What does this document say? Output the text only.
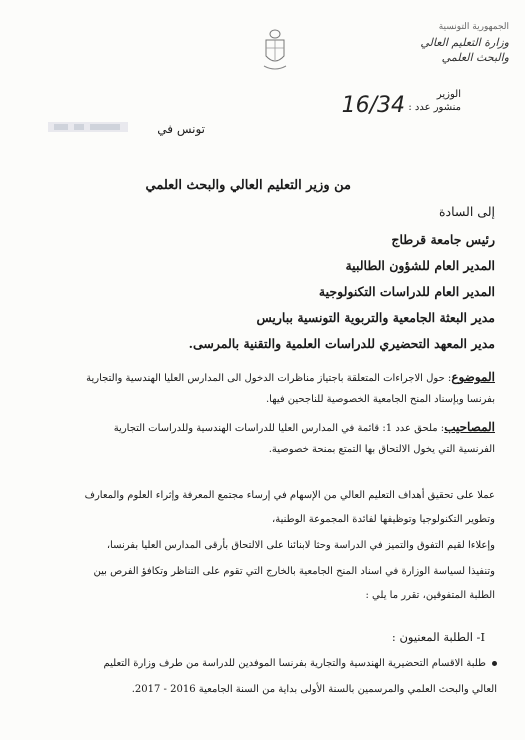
الجمهورية التونسية
وزارة التعليم العالي
والبحث العلمي
الوزير
منشور عدد :
16/34
تونس في
من وزير التعليم العالي والبحث العلمي
إلى السادة
رئيس جامعة قرطاج
المدير العام للشؤون الطالبية
المدير العام للدراسات التكنولوجية
مدير البعثة الجامعية والتربوية التونسية بباريس
مدير المعهد التحضيري للدراسات العلمية والتقنية بالمرسى.
الموضوع: حول الاجراءات المتعلقة باجتياز مناظرات الدخول الى المدارس العليا الهندسية والتجارية
بفرنسا وبإسناد المنح الجامعية الخصوصية للناجحين فيها.
المصاحيب: ملحق عدد 1: قائمة في المدارس العليا للدراسات الهندسية وللدراسات التجارية
الفرنسية التي يخول الالتحاق بها التمتع بمنحة خصوصية.
عملا على تحقيق أهداف التعليم العالي من الإسهام في إرساء مجتمع المعرفة وإثراء العلوم والمعارف
وتطوير التكنولوجيا وتوظيفها لفائدة المجموعة الوطنية،
وإعلاءا لقيم التفوق والتميز في الدراسة وحثا لابنائنا على الالتحاق بأرقى المدارس العليا بفرنسا،
وتنفيذا لسياسة الوزارة في اسناد المنح الجامعية بالخارج التي تقوم على التناظر وتكافؤ الفرص بين
الطلبة المتفوقين، تقرر ما يلي :
I- الطلبة المعنيون :
طلبة الاقسام التحضيرية الهندسية والتجارية بفرنسا الموفدين للدراسة من طرف وزارة التعليم
العالي والبحث العلمي والمرسمين بالسنة الأولى بداية من السنة الجامعية 2016 - 2017.
